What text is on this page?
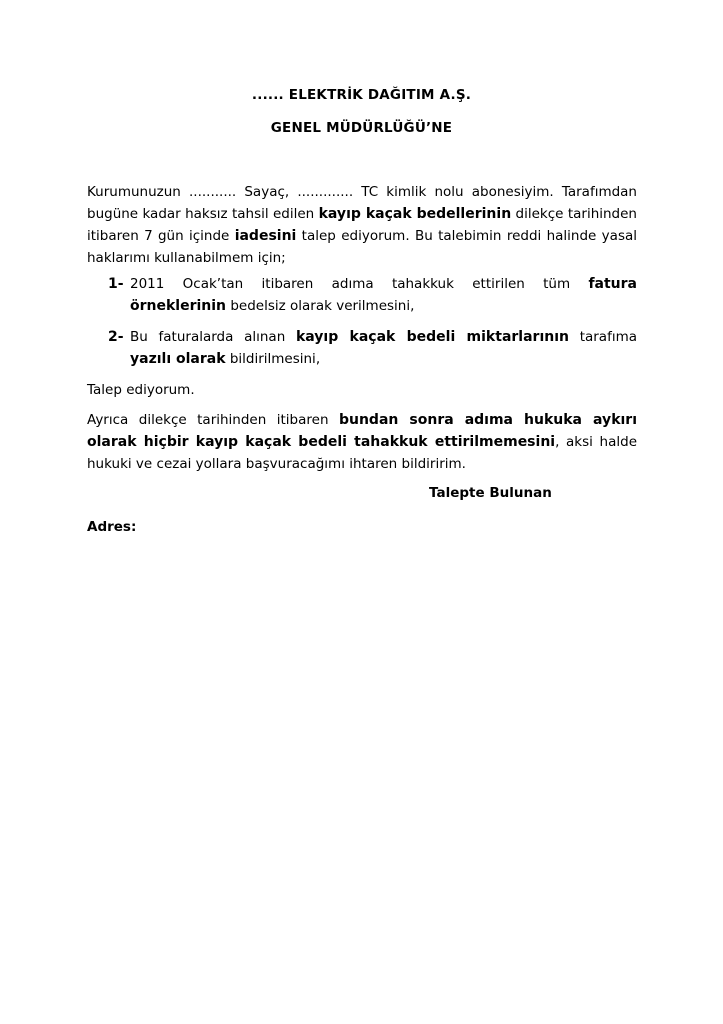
...... ELEKTRİK DAĞITIM A.Ş.
GENEL MÜDÜRLÜĞÜ’NE
Kurumunuzun ........... Sayaç, ............. TC kimlik nolu abonesiyim. Tarafımdan bugüne kadar haksız tahsil edilen kayıp kaçak bedellerinin dilekçe tarihinden itibaren 7 gün içinde iadesini talep ediyorum. Bu talebimin reddi halinde yasal haklarımı kullanabilmem için;
1- 2011 Ocak’tan itibaren adıma tahakkuk ettirilen tüm fatura örneklerinin bedelsiz olarak verilmesini,
2- Bu faturalarda alınan kayıp kaçak bedeli miktarlarının tarafıma yazılı olarak bildirilmesini,
Talep ediyorum.
Ayrıca dilekçe tarihinden itibaren bundan sonra adıma hukuka aykırı olarak hiçbir kayıp kaçak bedeli tahakkuk ettirilmemesini, aksi halde hukuki ve cezai yollara başvuracağımı ihtaren bildiririm.
Talepte Bulunan
Adres:
